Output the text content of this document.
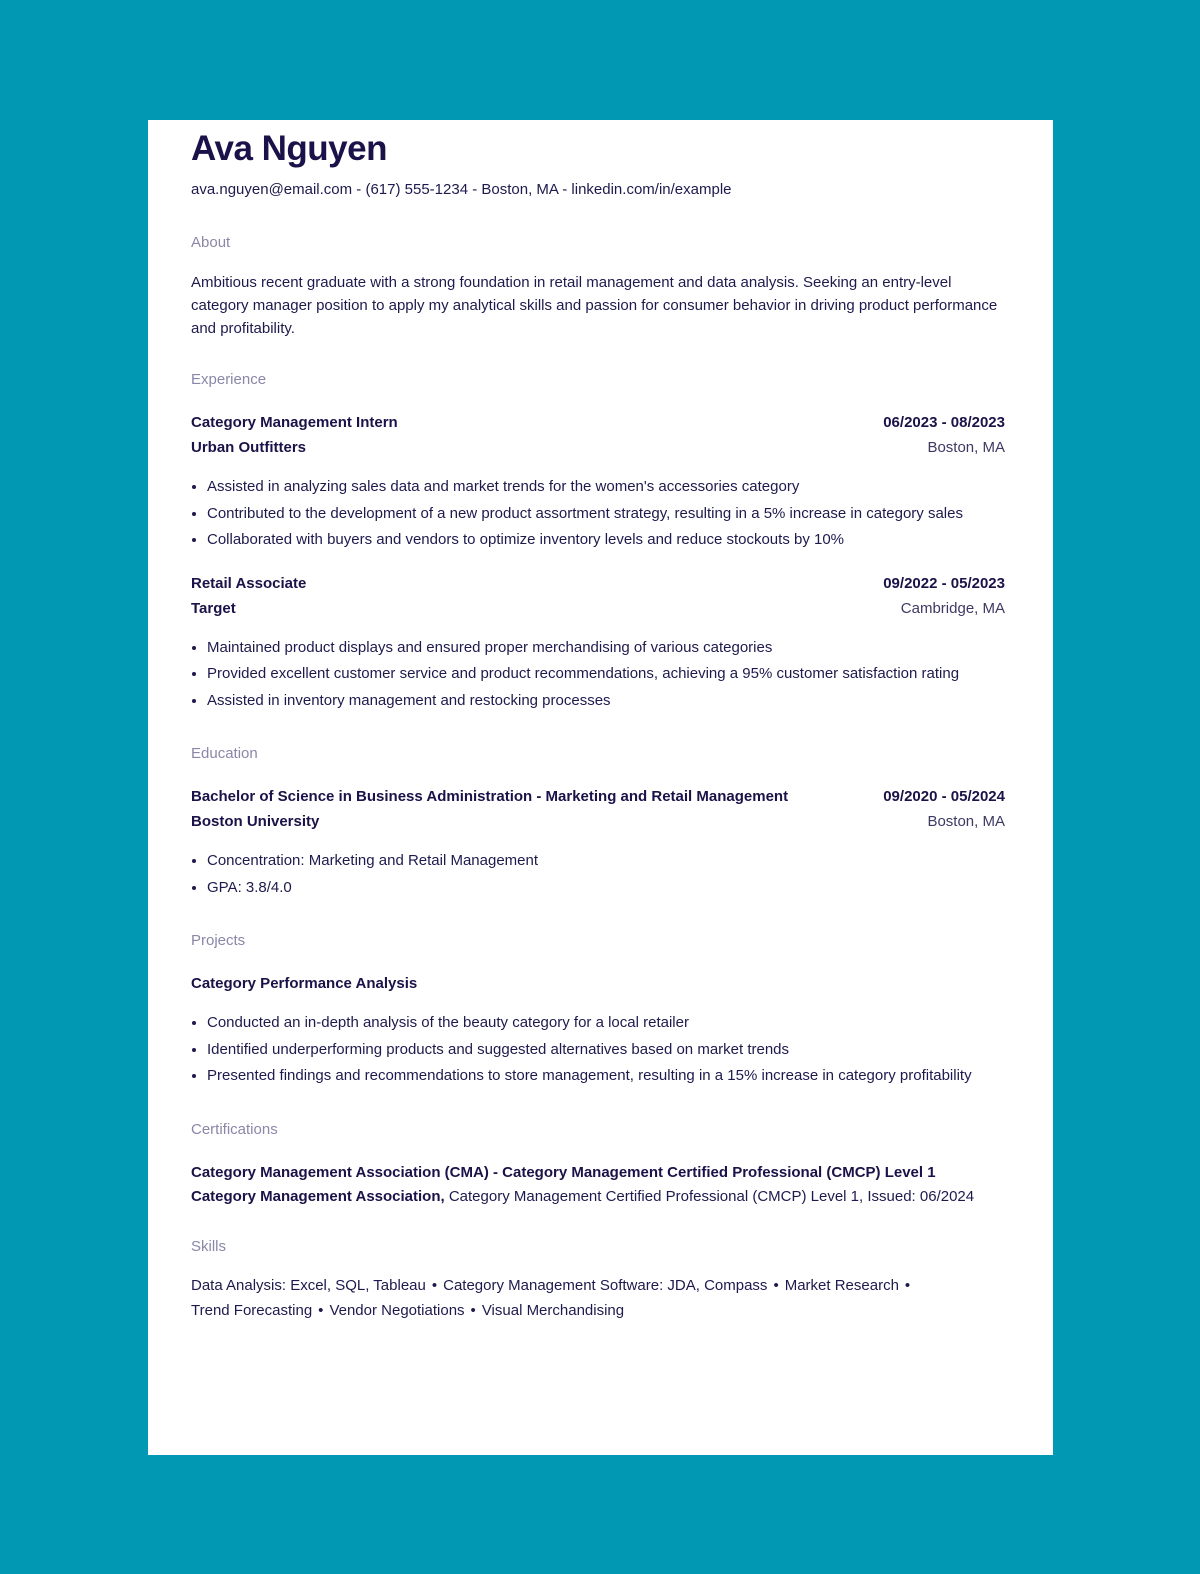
Ava Nguyen
ava.nguyen@email.com - (617) 555-1234 - Boston, MA - linkedin.com/in/example
About
Ambitious recent graduate with a strong foundation in retail management and data analysis. Seeking an entry-level category manager position to apply my analytical skills and passion for consumer behavior in driving product performance and profitability.
Experience
Category Management Intern	06/2023 - 08/2023
Urban Outfitters	Boston, MA
• Assisted in analyzing sales data and market trends for the women's accessories category
• Contributed to the development of a new product assortment strategy, resulting in a 5% increase in category sales
• Collaborated with buyers and vendors to optimize inventory levels and reduce stockouts by 10%
Retail Associate	09/2022 - 05/2023
Target	Cambridge, MA
• Maintained product displays and ensured proper merchandising of various categories
• Provided excellent customer service and product recommendations, achieving a 95% customer satisfaction rating
• Assisted in inventory management and restocking processes
Education
Bachelor of Science in Business Administration - Marketing and Retail Management	09/2020 - 05/2024
Boston University	Boston, MA
• Concentration: Marketing and Retail Management
• GPA: 3.8/4.0
Projects
Category Performance Analysis
• Conducted an in-depth analysis of the beauty category for a local retailer
• Identified underperforming products and suggested alternatives based on market trends
• Presented findings and recommendations to store management, resulting in a 15% increase in category profitability
Certifications
Category Management Association (CMA) - Category Management Certified Professional (CMCP) Level 1
Category Management Association, Category Management Certified Professional (CMCP) Level 1, Issued: 06/2024
Skills
Data Analysis: Excel, SQL, Tableau • Category Management Software: JDA, Compass • Market Research •
Trend Forecasting • Vendor Negotiations • Visual Merchandising
